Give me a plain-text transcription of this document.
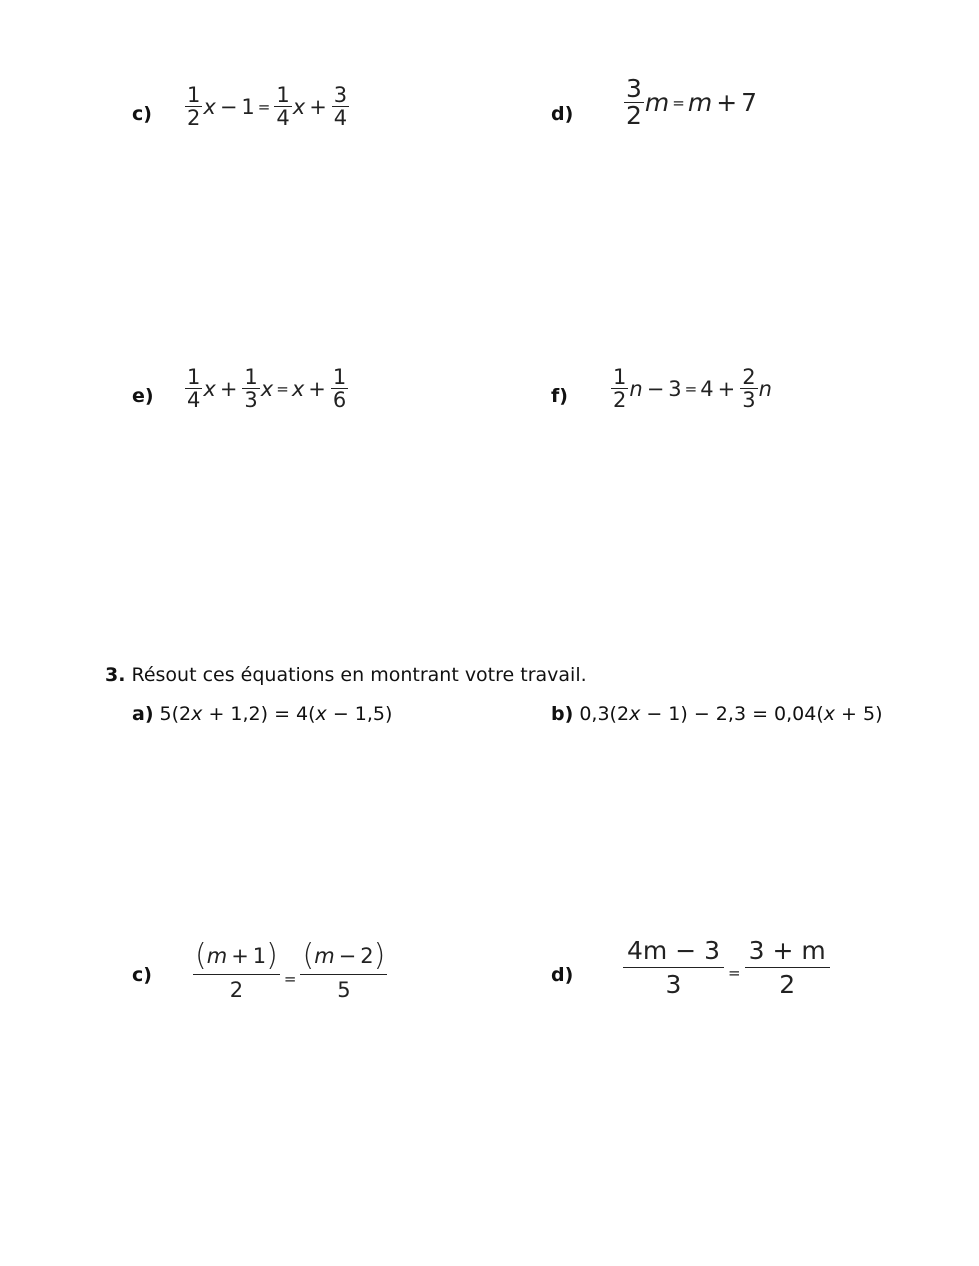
$c) \frac{1}{2}$ $x - 1 = \frac{1}{4}$ $x + \frac{3}{4}$	$d) \frac{3}{2}$ m = m + 7
$e) \frac{1}{4}$ $x + \frac{1}{3}$ $x = x + \frac{1}{6}$	$f) \frac{1}{2}$ $n - 3 = 4 + \frac{2}{3}$ n
3. Résout ces équations en montrant votre travail.
a) 5(2x + 1,2) = 4(x − 1,5)	b) 0,3(2x − 1) − 2,3 = 0,04(x + 5)
$c) \frac{( m + 1 )}{2} = \frac{( m - 2 )}{5}$	$d) \frac{4m - 3}{3} = \frac{3 + m}{2}$
